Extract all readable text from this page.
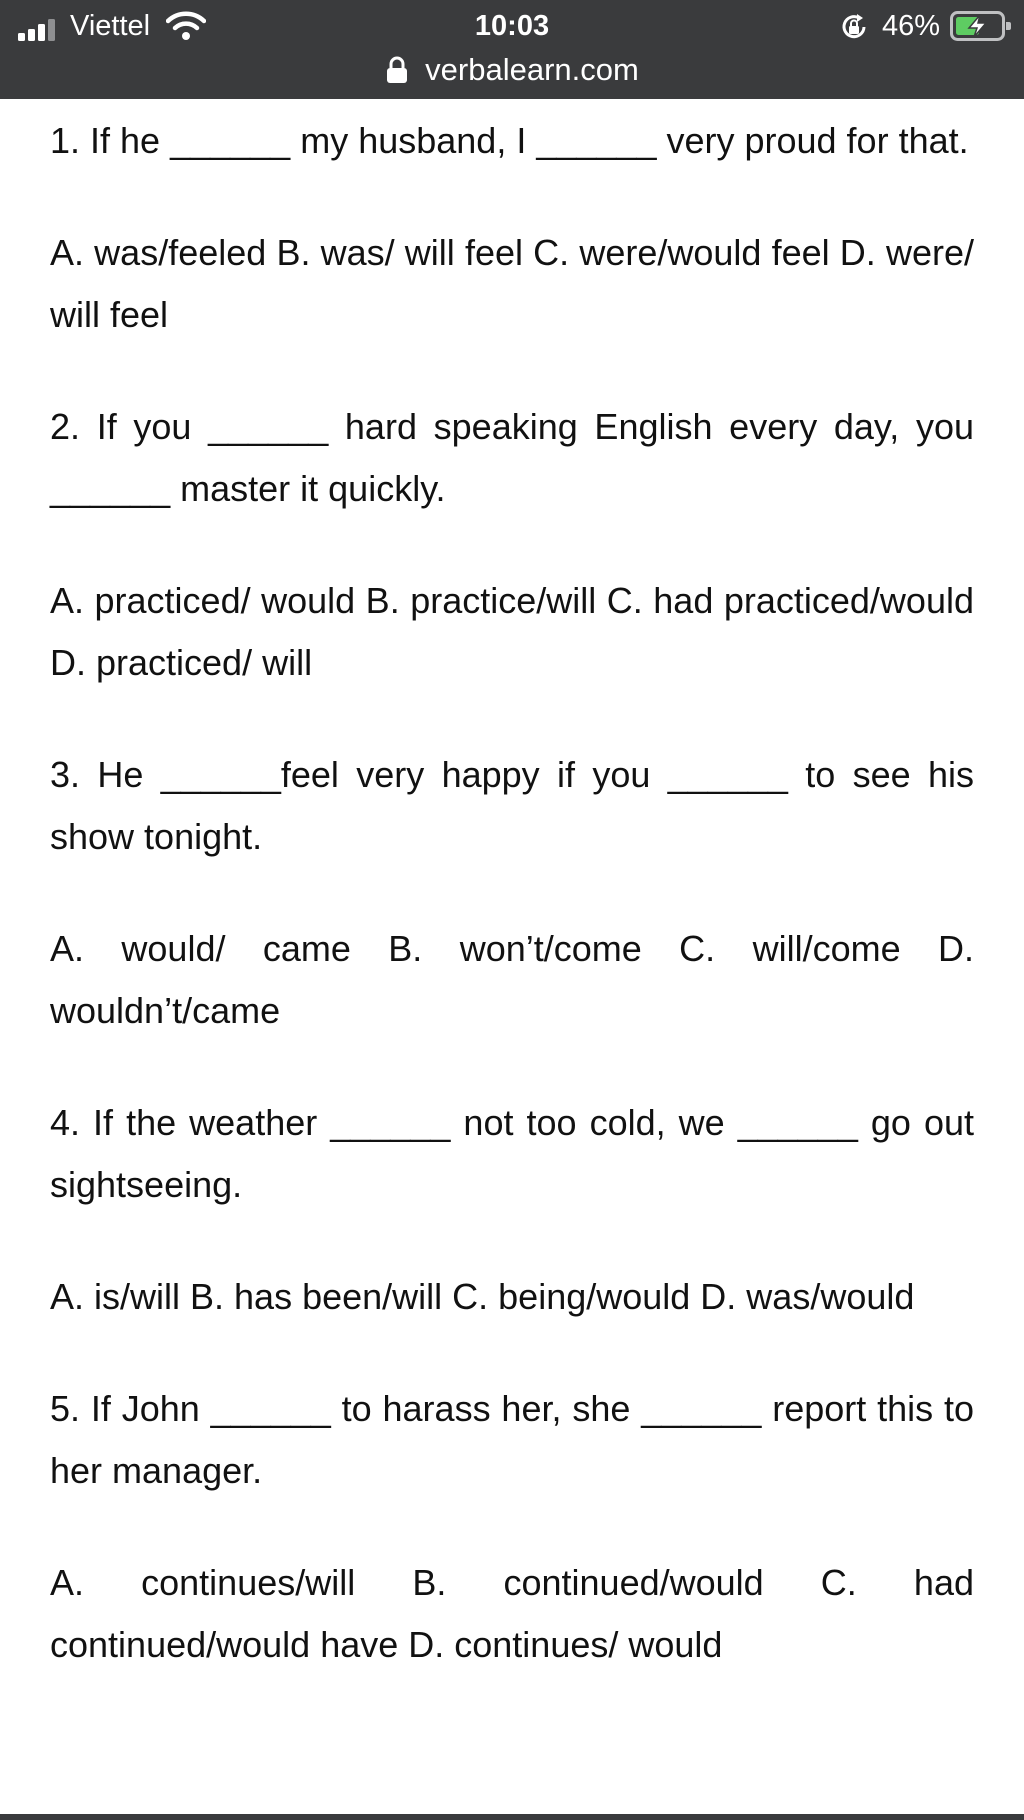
Viettel	10:03	46%
verbalearn.com

1. If he ______ my husband, I ______ very proud for that.

A. was/feeled B. was/ will feel C. were/would feel D. were/ will feel

2. If you ______ hard speaking English every day, you ______ master it quickly.

A. practiced/ would B. practice/will C. had practiced/would D. practiced/ will

3. He ______feel very happy if you ______ to see his show tonight.

A. would/ came B. won’t/come C. will/come D. wouldn’t/came

4. If the weather ______ not too cold, we ______ go out sightseeing.

A. is/will B. has been/will C. being/would D. was/would

5. If John ______ to harass her, she ______ report this to her manager.

A. continues/will B. continued/would C. had continued/would have D. continues/ would
